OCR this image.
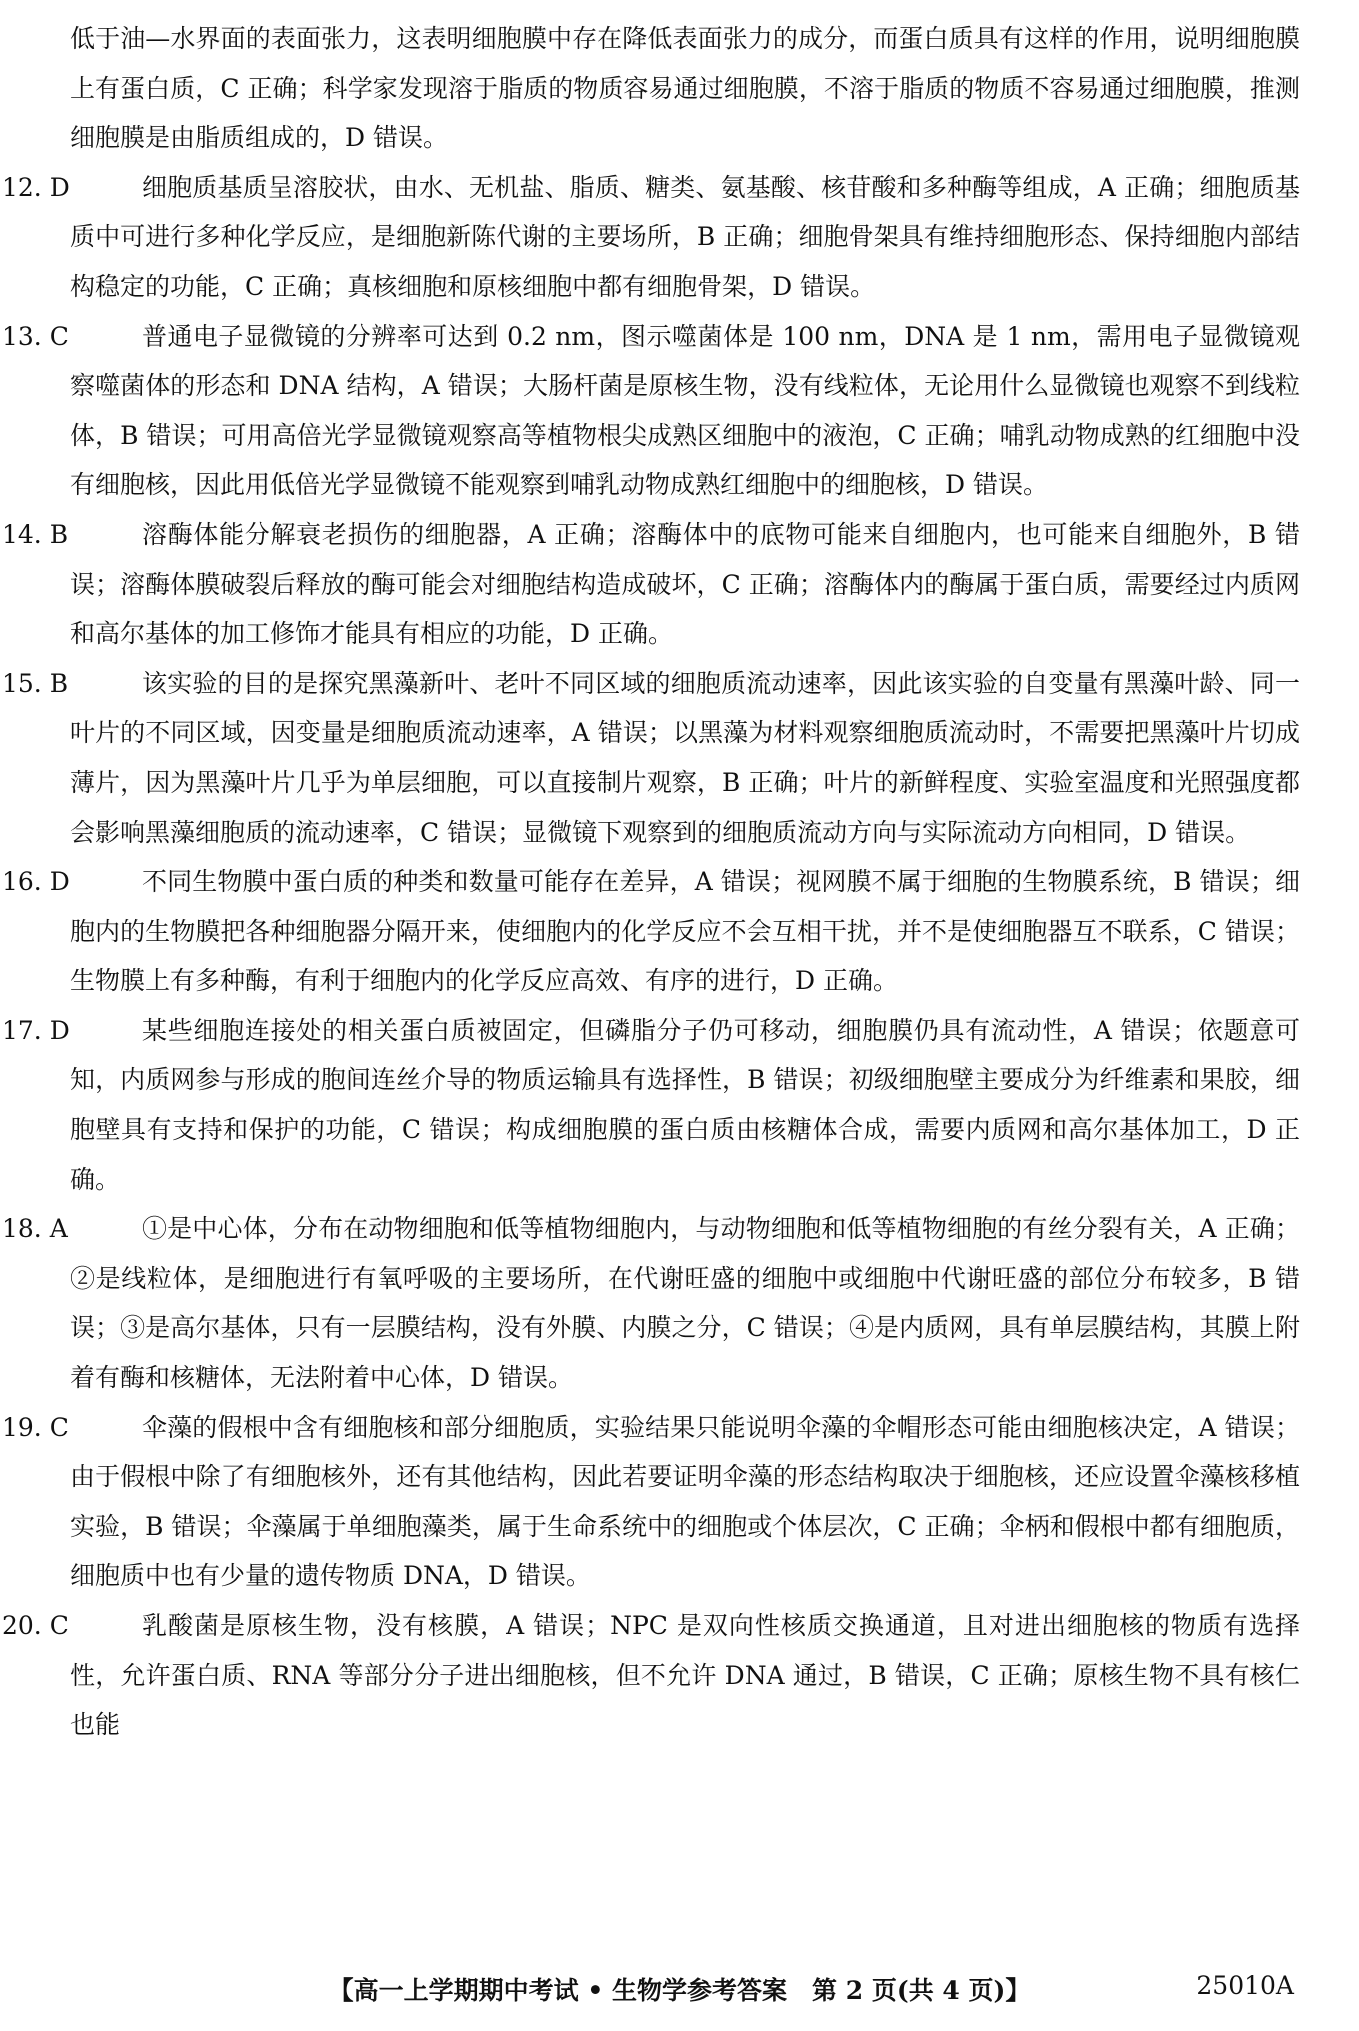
低于油—水界面的表面张力，这表明细胞膜中存在降低表面张力的成分，而蛋白质具有这样的作用，说明细胞膜上有蛋白质，C 正确；科学家发现溶于脂质的物质容易通过细胞膜，不溶于脂质的物质不容易通过细胞膜，推测细胞膜是由脂质组成的，D 错误。
12. D	细胞质基质呈溶胶状，由水、无机盐、脂质、糖类、氨基酸、核苷酸和多种酶等组成，A 正确；细胞质基质中可进行多种化学反应，是细胞新陈代谢的主要场所，B 正确；细胞骨架具有维持细胞形态、保持细胞内部结构稳定的功能，C 正确；真核细胞和原核细胞中都有细胞骨架，D 错误。
13. C	普通电子显微镜的分辨率可达到 0.2 nm，图示噬菌体是 100 nm，DNA 是 1 nm，需用电子显微镜观察噬菌体的形态和 DNA 结构，A 错误；大肠杆菌是原核生物，没有线粒体，无论用什么显微镜也观察不到线粒体，B 错误；可用高倍光学显微镜观察高等植物根尖成熟区细胞中的液泡，C 正确；哺乳动物成熟的红细胞中没有细胞核，因此用低倍光学显微镜不能观察到哺乳动物成熟红细胞中的细胞核，D 错误。
14. B	溶酶体能分解衰老损伤的细胞器，A 正确；溶酶体中的底物可能来自细胞内，也可能来自细胞外，B 错误；溶酶体膜破裂后释放的酶可能会对细胞结构造成破坏，C 正确；溶酶体内的酶属于蛋白质，需要经过内质网和高尔基体的加工修饰才能具有相应的功能，D 正确。
15. B	该实验的目的是探究黑藻新叶、老叶不同区域的细胞质流动速率，因此该实验的自变量有黑藻叶龄、同一叶片的不同区域，因变量是细胞质流动速率，A 错误；以黑藻为材料观察细胞质流动时，不需要把黑藻叶片切成薄片，因为黑藻叶片几乎为单层细胞，可以直接制片观察，B 正确；叶片的新鲜程度、实验室温度和光照强度都会影响黑藻细胞质的流动速率，C 错误；显微镜下观察到的细胞质流动方向与实际流动方向相同，D 错误。
16. D	不同生物膜中蛋白质的种类和数量可能存在差异，A 错误；视网膜不属于细胞的生物膜系统，B 错误；细胞内的生物膜把各种细胞器分隔开来，使细胞内的化学反应不会互相干扰，并不是使细胞器互不联系，C 错误；生物膜上有多种酶，有利于细胞内的化学反应高效、有序的进行，D 正确。
17. D	某些细胞连接处的相关蛋白质被固定，但磷脂分子仍可移动，细胞膜仍具有流动性，A 错误；依题意可知，内质网参与形成的胞间连丝介导的物质运输具有选择性，B 错误；初级细胞壁主要成分为纤维素和果胶，细胞壁具有支持和保护的功能，C 错误；构成细胞膜的蛋白质由核糖体合成，需要内质网和高尔基体加工，D 正确。
18. A	①是中心体，分布在动物细胞和低等植物细胞内，与动物细胞和低等植物细胞的有丝分裂有关，A 正确；②是线粒体，是细胞进行有氧呼吸的主要场所，在代谢旺盛的细胞中或细胞中代谢旺盛的部位分布较多，B 错误；③是高尔基体，只有一层膜结构，没有外膜、内膜之分，C 错误；④是内质网，具有单层膜结构，其膜上附着有酶和核糖体，无法附着中心体，D 错误。
19. C	伞藻的假根中含有细胞核和部分细胞质，实验结果只能说明伞藻的伞帽形态可能由细胞核决定，A 错误；由于假根中除了有细胞核外，还有其他结构，因此若要证明伞藻的形态结构取决于细胞核，还应设置伞藻核移植实验，B 错误；伞藻属于单细胞藻类，属于生命系统中的细胞或个体层次，C 正确；伞柄和假根中都有细胞质，细胞质中也有少量的遗传物质 DNA，D 错误。
20. C	乳酸菌是原核生物，没有核膜，A 错误；NPC 是双向性核质交换通道，且对进出细胞核的物质有选择性，允许蛋白质、RNA 等部分分子进出细胞核，但不允许 DNA 通过，B 错误，C 正确；原核生物不具有核仁也能
【高一上学期期中考试 • 生物学参考答案　第 2 页(共 4 页)】	25010A
